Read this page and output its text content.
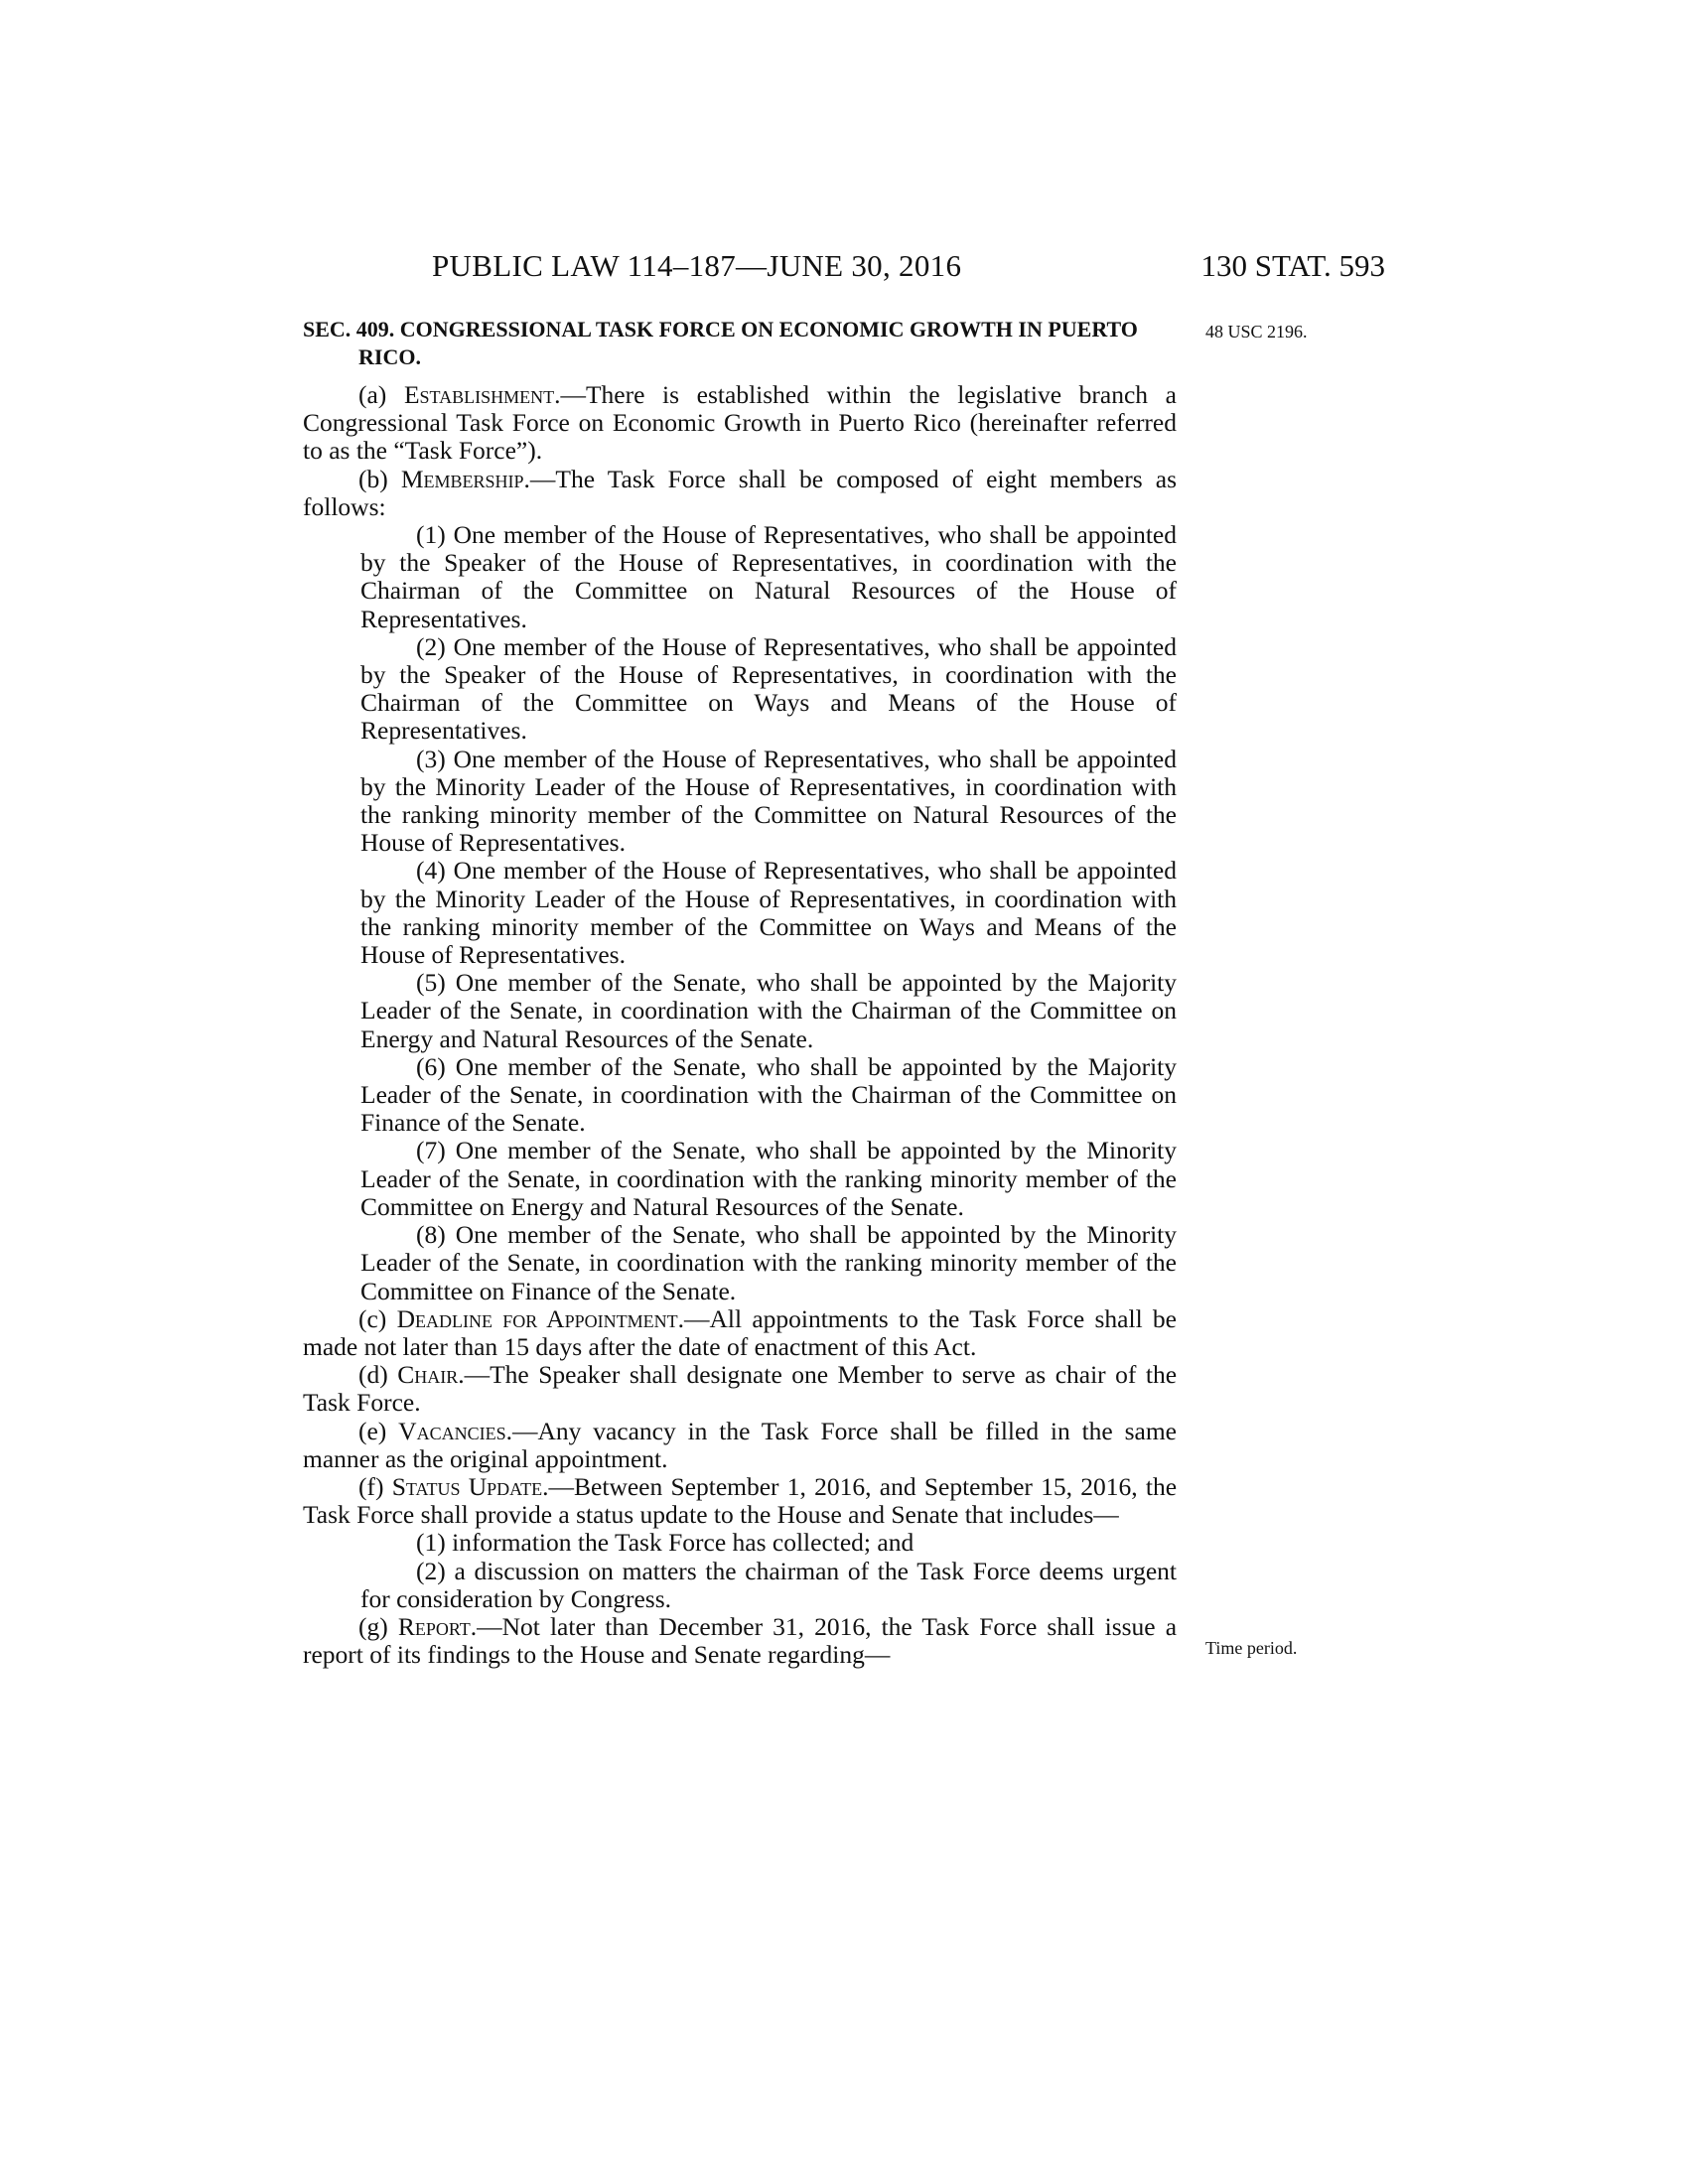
PUBLIC LAW 114–187—JUNE 30, 2016	130 STAT. 593
48 USC 2196.
Time period.
SEC. 409. CONGRESSIONAL TASK FORCE ON ECONOMIC GROWTH IN PUERTO RICO.

(a) Establishment.—There is established within the legislative branch a Congressional Task Force on Economic Growth in Puerto Rico (hereinafter referred to as the “Task Force”).

(b) Membership.—The Task Force shall be composed of eight members as follows:

(1) One member of the House of Representatives, who shall be appointed by the Speaker of the House of Representatives, in coordination with the Chairman of the Committee on Natural Resources of the House of Representatives.

(2) One member of the House of Representatives, who shall be appointed by the Speaker of the House of Representatives, in coordination with the Chairman of the Committee on Ways and Means of the House of Representatives.

(3) One member of the House of Representatives, who shall be appointed by the Minority Leader of the House of Representatives, in coordination with the ranking minority member of the Committee on Natural Resources of the House of Representatives.

(4) One member of the House of Representatives, who shall be appointed by the Minority Leader of the House of Representatives, in coordination with the ranking minority member of the Committee on Ways and Means of the House of Representatives.

(5) One member of the Senate, who shall be appointed by the Majority Leader of the Senate, in coordination with the Chairman of the Committee on Energy and Natural Resources of the Senate.

(6) One member of the Senate, who shall be appointed by the Majority Leader of the Senate, in coordination with the Chairman of the Committee on Finance of the Senate.

(7) One member of the Senate, who shall be appointed by the Minority Leader of the Senate, in coordination with the ranking minority member of the Committee on Energy and Natural Resources of the Senate.

(8) One member of the Senate, who shall be appointed by the Minority Leader of the Senate, in coordination with the ranking minority member of the Committee on Finance of the Senate.

(c) Deadline for Appointment.—All appointments to the Task Force shall be made not later than 15 days after the date of enactment of this Act.

(d) Chair.—The Speaker shall designate one Member to serve as chair of the Task Force.

(e) Vacancies.—Any vacancy in the Task Force shall be filled in the same manner as the original appointment.

(f) Status Update.—Between September 1, 2016, and September 15, 2016, the Task Force shall provide a status update to the House and Senate that includes—

(1) information the Task Force has collected; and

(2) a discussion on matters the chairman of the Task Force deems urgent for consideration by Congress.

(g) Report.—Not later than December 31, 2016, the Task Force shall issue a report of its findings to the House and Senate regarding—
